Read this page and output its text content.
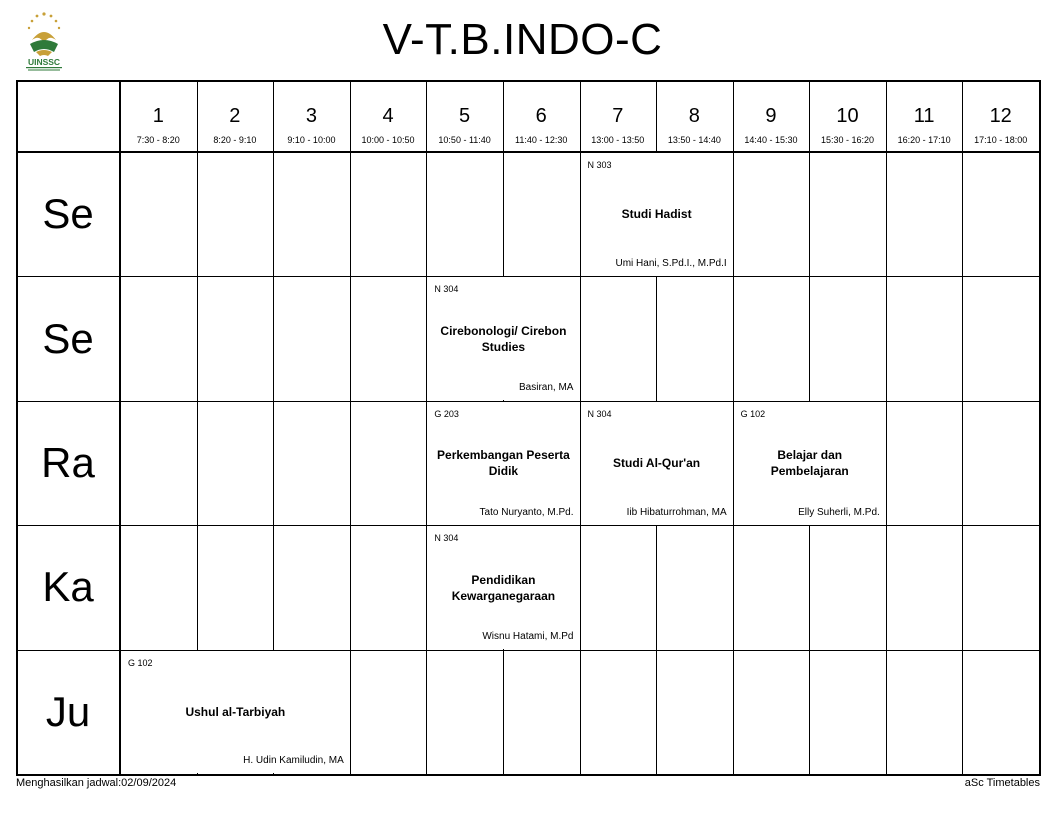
UINSSC	V-T.B.INDO-C
1
7:30 - 8:20
2
8:20 - 9:10
3
9:10 - 10:00
4
10:00 - 10:50
5
10:50 - 11:40
6
11:40 - 12:30
7
13:00 - 13:50
8
13:50 - 14:40
9
14:40 - 15:30
10
15:30 - 16:20
11
16:20 - 17:10
12
17:10 - 18:00
Se
Se
Ra
Ka
Ju
N 303
Studi Hadist
Umi Hani, S.Pd.I., M.Pd.I
N 304
Cirebonologi/ Cirebon Studies
Basiran, MA
G 203
Perkembangan Peserta Didik
Tato Nuryanto, M.Pd.
N 304
Studi Al-Qur'an
Iib Hibaturrohman, MA
G 102
Belajar dan Pembelajaran
Elly Suherli, M.Pd.
N 304
Pendidikan Kewarganegaraan
Wisnu Hatami, M.Pd
G 102
Ushul al-Tarbiyah
H. Udin Kamiludin, MA
Menghasilkan jadwal:02/09/2024	aSc Timetables
